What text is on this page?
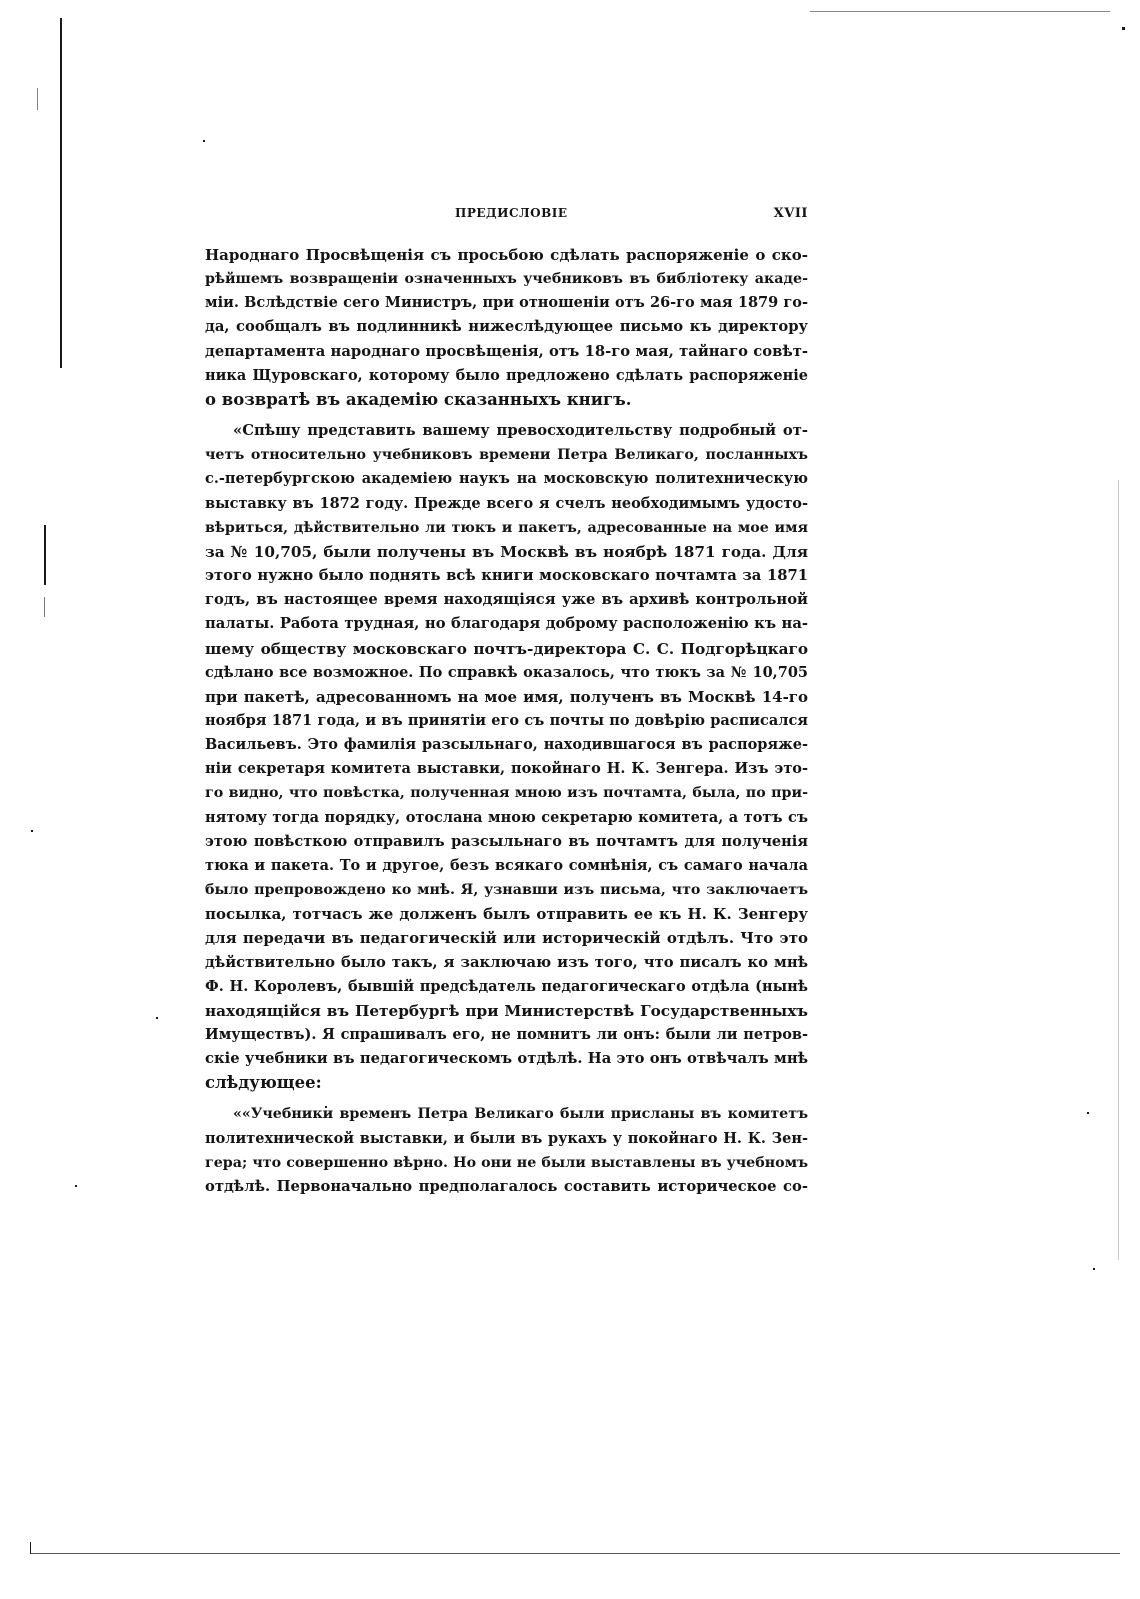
ПРЕДИСЛОВІЕ	XVII
Народнаго Просвѣщенія съ просьбою сдѣлать распоряженіе о ско-
рѣйшемъ возвращеніи означенныхъ учебниковъ въ библіотеку акаде-
міи. Вслѣдствіе сего Министръ, при отношеніи отъ 26-го мая 1879 го-
да, сообщалъ въ подлинникѣ нижеслѣдующее письмо къ директору
департамента народнаго просвѣщенія, отъ 18-го мая, тайнаго совѣт-
ника Щуровскаго, которому было предложено сдѣлать распоряженіе
о возвратѣ въ академію сказанныхъ книгъ.
«Спѣшу представить вашему превосходительству подробный от-
четъ относительно учебниковъ времени Петра Великаго, посланныхъ
с.-петербургскою академіею наукъ на московскую политехническую
выставку въ 1872 году. Прежде всего я счелъ необходимымъ удосто-
вѣриться, дѣйствительно ли тюкъ и пакетъ, адресованные на мое имя
за № 10,705, были получены въ Москвѣ въ ноябрѣ 1871 года. Для
этого нужно было поднять всѣ книги московскаго почтамта за 1871
годъ, въ настоящее время находящіяся уже въ архивѣ контрольной
палаты. Работа трудная, но благодаря доброму расположенію къ на-
шему обществу московскаго почтъ-директора С. С. Подгорѣцкаго
сдѣлано все возможное. По справкѣ оказалось, что тюкъ за № 10,705
при пакетѣ, адресованномъ на мое имя, полученъ въ Москвѣ 14-го
ноября 1871 года, и въ принятіи его съ почты по довѣрію расписался
Васильевъ. Это фамилія разсыльнаго, находившагося въ распоряже-
ніи секретаря комитета выставки, покойнаго Н. К. Зенгера. Изъ это-
го видно, что повѣстка, полученная мною изъ почтамта, была, по при-
нятому тогда порядку, отослана мною секретарю комитета, а тотъ съ
этою повѣсткою отправилъ разсыльнаго въ почтамтъ для полученія
тюка и пакета. То и другое, безъ всякаго сомнѣнія, съ самаго начала
было препровождено ко мнѣ. Я, узнавши изъ письма, что заключаетъ
посылка, тотчасъ же долженъ былъ отправить ее къ Н. К. Зенгеру
для передачи въ педагогическій или историческій отдѣлъ. Что это
дѣйствительно было такъ, я заключаю изъ того, что писалъ ко мнѣ
Ф. Н. Королевъ, бывшій предсѣдатель педагогическаго отдѣла (нынѣ
находящійся въ Петербургѣ при Министерствѣ Государственныхъ
Имуществъ). Я спрашивалъ его, не помнитъ ли онъ: были ли петров-
скіе учебники въ педагогическомъ отдѣлѣ. На это онъ отвѣчалъ мнѣ
слѣдующее:
««Учебники временъ Петра Великаго были присланы въ комитетъ
политехнической выставки, и были въ рукахъ у покойнаго Н. К. Зен-
гера; что совершенно вѣрно. Но они не были выставлены въ учебномъ
отдѣлѣ. Первоначально предполагалось составить историческое со-
